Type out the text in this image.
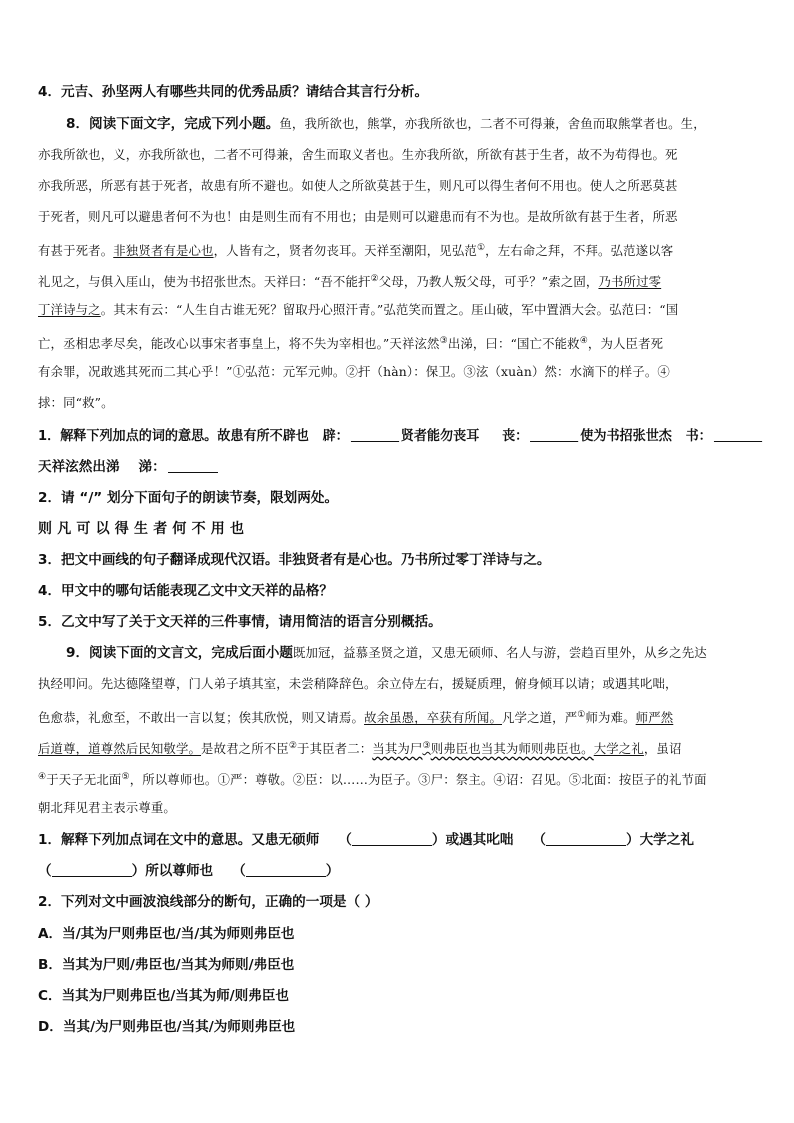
4．元吉、孙坚两人有哪些共同的优秀品质？请结合其言行分析。
8．阅读下面文字，完成下列小题。鱼，我所欲也，熊掌，亦我所欲也，二者不可得兼，舍鱼而取熊掌者也。生，
亦我所欲也，义，亦我所欲也，二者不可得兼，舍生而取义者也。生亦我所欲，所欲有甚于生者，故不为苟得也。死
亦我所恶，所恶有甚于死者，故患有所不避也。如使人之所欲莫甚于生，则凡可以得生者何不用也。使人之所恶莫甚
于死者，则凡可以避患者何不为也！由是则生而有不用也；由是则可以避患而有不为也。是故所欲有甚于生者，所恶
有甚于死者。非独贤者有是心也，人皆有之，贤者勿丧耳。天祥至潮阳，见弘范①，左右命之拜，不拜。弘范遂以客
礼见之，与俱入厓山，使为书招张世杰。天祥曰：“吾不能扞②父母，乃教人叛父母，可乎？”索之固，乃书所过零
丁洋诗与之。其末有云：“人生自古谁无死？留取丹心照汗青。”弘范笑而置之。厓山破，军中置酒大会。弘范曰：“国
亡，丞相忠孝尽矣，能改心以事宋者事皇上，将不失为宰相也。”天祥泫然③出涕，曰：“国亡不能救④，为人臣者死
有余罪，况敢逃其死而二其心乎！”①弘范：元军元帅。②扞（hàn）：保卫。③泫（xuàn）然：水滴下的样子。④
捄：同“救”。
1．解释下列加点的词的意思。故患有所不辟也 辟：	贤者能勿丧耳 丧：	使为书招张世杰 书：
天祥泫然出涕 涕：
2．请 “/” 划分下面句子的朗读节奏，限划两处。
则凡可以得生者何不用也
3．把文中画线的句子翻译成现代汉语。非独贤者有是心也。乃书所过零丁洋诗与之。
4．甲文中的哪句话能表现乙文中文天祥的品格？
5．乙文中写了关于文天祥的三件事情，请用简洁的语言分别概括。
9．阅读下面的文言文，完成后面小题既加冠，益慕圣贤之道，又患无硕师、名人与游，尝趋百里外，从乡之先达
执经叩问。先达德隆望尊，门人弟子填其室，未尝稍降辞色。余立侍左右，援疑质理，俯身倾耳以请；或遇其叱咄，
色愈恭，礼愈至，不敢出一言以复；俟其欣悦，则又请焉。故余虽愚，卒获有所闻。凡学之道，严①师为难。师严然
后道尊，道尊然后民知敬学。是故君之所不臣②于其臣者二：当其为尸③则弗臣也当其为师则弗臣也。大学之礼，虽诏
④于天子无北面⑤，所以尊师也。①严：尊敬。②臣：以……为臣子。③尸：祭主。④诏：召见。⑤北面：按臣子的礼节面
朝北拜见君主表示尊重。
1．解释下列加点词在文中的意思。又患无硕师 （	）或遇其叱咄 （	）大学之礼
（	）所以尊师也 （	）
2．下列对文中画波浪线部分的断句，正确的一项是（ ）
A．当/其为尸则弗臣也/当/其为师则弗臣也
B．当其为尸则/弗臣也/当其为师则/弗臣也
C．当其为尸则弗臣也/当其为师/则弗臣也
D．当其/为尸则弗臣也/当其/为师则弗臣也
